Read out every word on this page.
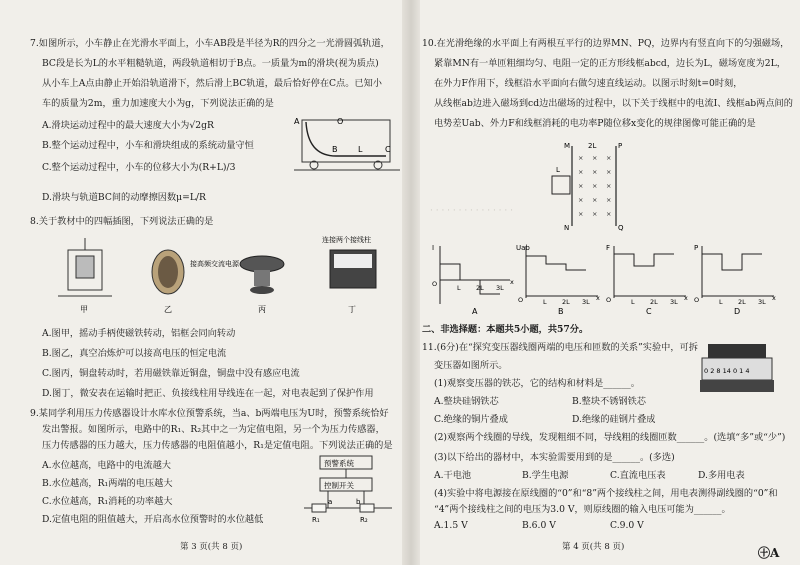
7.如图所示，小车静止在光滑水平面上，小车AB段是半径为R的四分之一光滑圆弧轨道，
BC段是长为L的水平粗糙轨道，两段轨道相切于B点。一质量为m的滑块(视为质点)
从小车上A点由静止开始沿轨道滑下，然后滑上BC轨道，最后恰好停在C点。已知小
车的质量为2m，重力加速度大小为g，下列说法正确的是
A.滑块运动过程中的最大速度大小为√2gR
B.整个运动过程中，小车和滑块组成的系统动量守恒
C.整个运动过程中，小车的位移大小为(R+L)/3
D.滑块与轨道BC间的动摩擦因数μ=L/R
A	O
B	C
L
8.关于教材中的四幅插图，下列说法正确的是
接高频交流电源
连接两个接线柱
甲	乙	丙	丁
A.图甲，摇动手柄使磁铁转动，铝框会同向转动
B.图乙，真空冶炼炉可以接高电压的恒定电流
C.图丙，铜盘转动时，若用磁铁靠近铜盘，铜盘中没有感应电流
D.图丁，微安表在运输时把正、负接线柱用导线连在一起，对电表起到了保护作用
9.某同学利用压力传感器设计水库水位预警系统，当a、b两端电压为U时，预警系统恰好
发出警报。如图所示，电路中的R₁、R₂其中之一为定值电阻，另一个为压力传感器，
压力传感器的压力越大，压力传感器的电阻值越小，R₁是定值电阻。下列说法正确的是
A.水位越高，电路中的电流越大
B.水位越高，R₁两端的电压越大
C.水位越高，R₁消耗的功率越大
D.定值电阻的阻值越大，开启高水位预警时的水位越低
预警系统
控制开关
a	b
R₁	R₂
第 3 页(共 8 页)
10.在光滑绝缘的水平面上有两根互平行的边界MN、PQ，边界内有竖直向下的匀强磁场，
紧靠MN有一单匝粗细均匀、电阻一定的正方形线框abcd，边长为L，磁场宽度为2L，
在外力F作用下，线框沿水平面向右做匀速直线运动。以图示时刻t=0时刻，
从线框ab边进入磁场到cd边出磁场的过程中，以下关于线框中的电流I、线框ab两点间的
电势差Uab、外力F和线框消耗的电功率P随位移x变化的规律图像可能正确的是
M	P
N	Q
2L
L
× × ×
× × ×
× × ×
× × ×
× × ×
· · · · · · · · · · · · · · ·
I
O	L 2L 3L
x
A
Uab
O	L 2L 3L x
B
F
O	L 2L 3L x
C
P
O	L 2L 3L x
D
二、非选择题：本题共5小题，共57分。
11.(6分)在“探究变压器线圈两端的电压和匝数的关系”实验中，可拆
变压器如图所示。
(1)观察变压器的铁芯，它的结构和材料是______。
A.整块硅钢铁芯	B.整块不锈钢铁芯
C.绝缘的铜片叠成	D.绝缘的硅钢片叠成
0 2 8 14 0 1 4
(2)观察两个线圈的导线，发现粗细不同，导线粗的线圈匝数______。(选填“多”或“少”)
(3)以下给出的器材中，本实验需要用到的是______。(多选)
A.干电池	B.学生电源	C.直流电压表	D.多用电表
(4)实验中将电源接在原线圈的“0”和“8”两个接线柱之间，用电表测得副线圈的“0”和
“4”两个接线柱之间的电压为3.0 V，则原线圈的输入电压可能为______。
A.1.5 V	B.6.0 V	C.9.0 V
第 4 页(共 8 页)	㊉A
